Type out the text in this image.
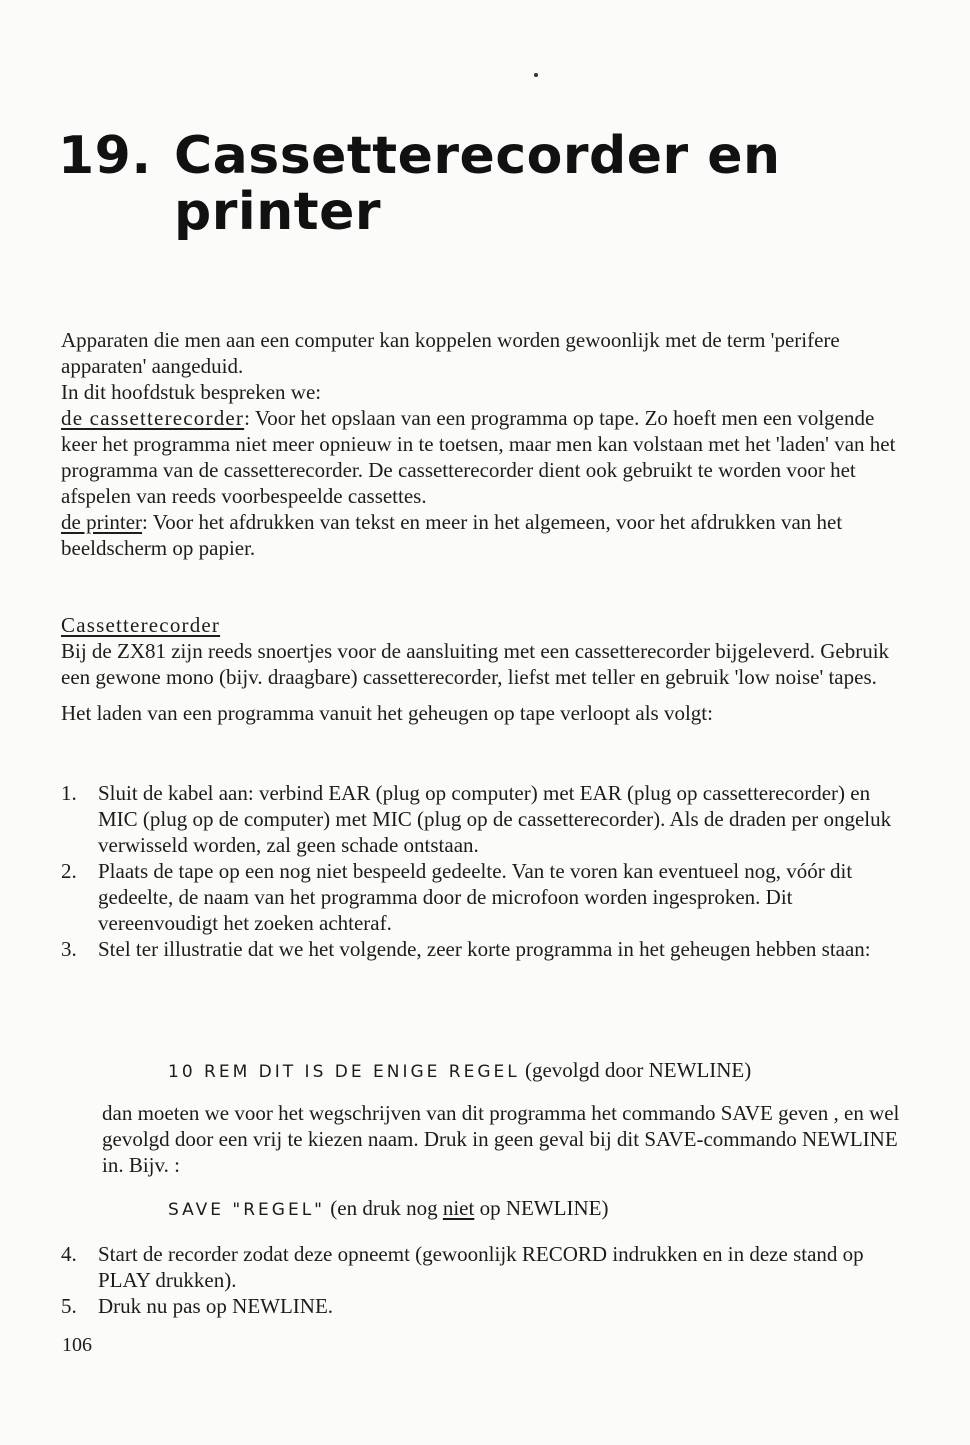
19. Cassetterecorder en
printer
Apparaten die men aan een computer kan koppelen worden gewoonlijk met de term 'perifere apparaten' aangeduid.
In dit hoofdstuk bespreken we:
de cassetterecorder: Voor het opslaan van een programma op tape. Zo hoeft men een volgende keer het programma niet meer opnieuw in te toetsen, maar men kan volstaan met het 'laden' van het programma van de cassetterecorder. De cassetterecorder dient ook gebruikt te worden voor het afspelen van reeds voorbespeelde cassettes.
de printer: Voor het afdrukken van tekst en meer in het algemeen, voor het afdrukken van het beeldscherm op papier.
Cassetterecorder
Bij de ZX81 zijn reeds snoertjes voor de aansluiting met een cassetterecorder bijgeleverd. Gebruik een gewone mono (bijv. draagbare) cassetterecorder, liefst met teller en gebruik 'low noise' tapes.
Het laden van een programma vanuit het geheugen op tape verloopt als volgt:
1. Sluit de kabel aan: verbind EAR (plug op computer) met EAR (plug op cassetterecorder) en MIC (plug op de computer) met MIC (plug op de cassetterecorder). Als de draden per ongeluk verwisseld worden, zal geen schade ontstaan.
2. Plaats de tape op een nog niet bespeeld gedeelte. Van te voren kan eventueel nog, vóór dit gedeelte, de naam van het programma door de microfoon worden ingesproken. Dit vereenvoudigt het zoeken achteraf.
3. Stel ter illustratie dat we het volgende, zeer korte programma in het geheugen hebben staan:
10 REM DIT IS DE ENIGE REGEL (gevolgd door NEWLINE)
dan moeten we voor het wegschrijven van dit programma het commando SAVE geven , en wel gevolgd door een vrij te kiezen naam. Druk in geen geval bij dit SAVE-commando NEWLINE in. Bijv. :
SAVE "REGEL" (en druk nog niet op NEWLINE)
4. Start de recorder zodat deze opneemt (gewoonlijk RECORD indrukken en in deze stand op PLAY drukken).
5. Druk nu pas op NEWLINE.
106
